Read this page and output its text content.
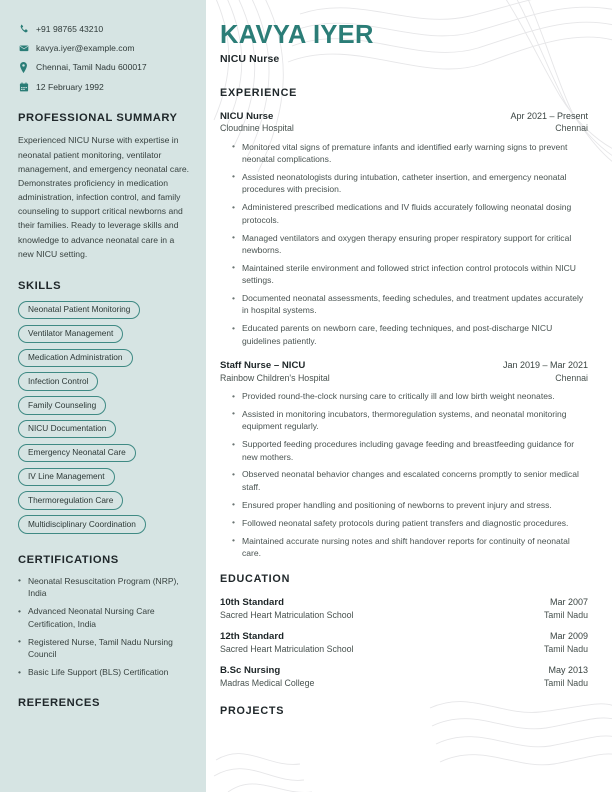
+91 98765 43210
kavya.iyer@example.com
Chennai, Tamil Nadu 600017
12 February 1992
PROFESSIONAL SUMMARY

Experienced NICU Nurse with expertise in neonatal patient monitoring, ventilator management, and emergency neonatal care. Demonstrates proficiency in medication administration, infection control, and family counseling to support critical newborns and their families. Ready to leverage skills and knowledge to advance neonatal care in a new NICU setting.

SKILLS
Neonatal Patient Monitoring
Ventilator Management
Medication Administration
Infection Control
Family Counseling
NICU Documentation
Emergency Neonatal Care
IV Line Management
Thermoregulation Care
Multidisciplinary Coordination
CERTIFICATIONS
• Neonatal Resuscitation Program (NRP), India
• Advanced Neonatal Nursing Care Certification, India
• Registered Nurse, Tamil Nadu Nursing Council
• Basic Life Support (BLS) Certification
REFERENCES
KAVYA IYER
NICU Nurse
EXPERIENCE
NICU Nurse	Apr 2021 – Present
Cloudnine Hospital	Chennai
• Monitored vital signs of premature infants and identified early warning signs to prevent neonatal complications.
• Assisted neonatologists during intubation, catheter insertion, and emergency neonatal procedures with precision.
• Administered prescribed medications and IV fluids accurately following neonatal dosing protocols.
• Managed ventilators and oxygen therapy ensuring proper respiratory support for critical newborns.
• Maintained sterile environment and followed strict infection control protocols within NICU settings.
• Documented neonatal assessments, feeding schedules, and treatment updates accurately in hospital systems.
• Educated parents on newborn care, feeding techniques, and post-discharge NICU guidelines patiently.
Staff Nurse – NICU	Jan 2019 – Mar 2021
Rainbow Children's Hospital	Chennai
• Provided round-the-clock nursing care to critically ill and low birth weight neonates.
• Assisted in monitoring incubators, thermoregulation systems, and neonatal monitoring equipment regularly.
• Supported feeding procedures including gavage feeding and breastfeeding guidance for new mothers.
• Observed neonatal behavior changes and escalated concerns promptly to senior medical staff.
• Ensured proper handling and positioning of newborns to prevent injury and stress.
• Followed neonatal safety protocols during patient transfers and diagnostic procedures.
• Maintained accurate nursing notes and shift handover reports for continuity of neonatal care.
EDUCATION
10th Standard	Mar 2007
Sacred Heart Matriculation School	Tamil Nadu
12th Standard	Mar 2009
Sacred Heart Matriculation School	Tamil Nadu
B.Sc Nursing	May 2013
Madras Medical College	Tamil Nadu
PROJECTS
